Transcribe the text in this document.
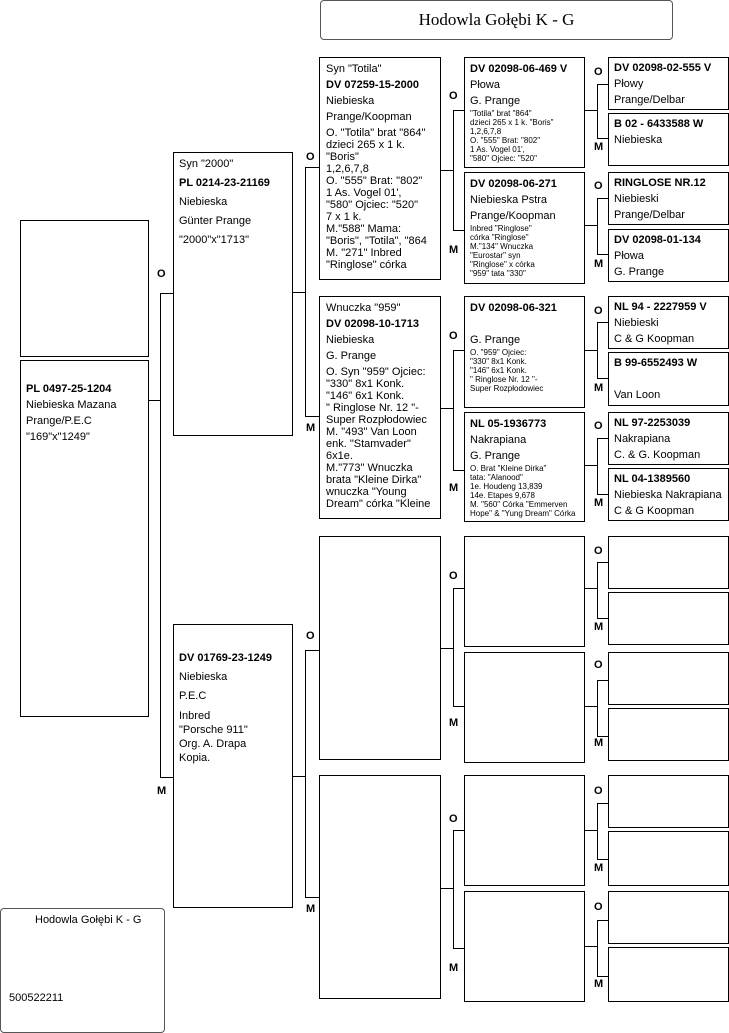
Hodowla Gołębi K - G
PL 0497-25-1204
Niebieska Mazana
Prange/P.E.C
"169"x"1249"
O
M
Syn "2000"
PL 0214-23-21169
Niebieska
Günter Prange
"2000"x"1713"
DV 01769-23-1249
Niebieska
P.E.C
Inbred
"Porsche 911"
Org. A. Drapa
Kopia.
O
M
O
M
Syn "Totila"
DV 07259-15-2000
Niebieska
Prange/Koopman
O. "Totila" brat "864"
dzieci 265 x 1 k. "Boris"
1,2,6,7,8
O. "555" Brat: "802"
1 As. Vogel 01',
"580" Ojciec: "520"
7 x 1 k.
M."588" Mama:
"Boris", "Totila", "864
M. "271" Inbred
"Ringlose" córka
Wnuczka "959"
DV 02098-10-1713
Niebieska
G. Prange
O. Syn "959" Ojciec:
"330" 8x1 Konk.
"146" 6x1 Konk.
" Ringlose Nr. 12 "-
Super Rozpłodowiec
M. "493" Van Loon
enk. "Stamvader"
6x1e.
M."773" Wnuczka
brata "Kleine Dirka"
wnuczka "Young
Dream" córka "Kleine
O
M
O
M
O
M
O
M
DV 02098-06-469 V
Płowa
G. Prange
"Totila" brat "864"
dzieci 265 x 1 k. "Boris"
1,2,6,7,8
O. "555" Brat: "802"
1 As. Vogel 01',
"580" Ojciec: "520"
DV 02098-06-271
Niebieska Pstra
Prange/Koopman
Inbred "Ringlose"
córka "Ringlose"
M."134" Wnuczka
"Eurostar" syn
"Ringlose" x córka
"959" tata "330"
DV 02098-06-321
G. Prange
O. "959" Ojciec:
"330" 8x1 Konk.
"146" 6x1 Konk.
" Ringlose Nr. 12 "-
Super Rozpłodowiec
NL 05-1936773
Nakrapiana
G. Prange
O. Brat "Kleine Dirka"
tata: "Alanood"
1e. Houdeng 13,839
14e. Etapes 9,678
M. "560" Córka "Emmerven
Hope" & "Yung Dream" Córka
O
M
O
M
O
M
O
M
O
M
O
M
O
M
O
M
DV 02098-02-555 V
Płowy
Prange/Delbar
B 02 - 6433588 W
Niebieska
RINGLOSE NR.12
Niebieski
Prange/Delbar
DV 02098-01-134
Płowa
G. Prange
NL 94 - 2227959 V
Niebieski
C & G Koopman
B 99-6552493 W
Van Loon
NL 97-2253039
Nakrapiana
C. & G. Koopman
NL 04-1389560
Niebieska Nakrapiana
C & G Koopman
Hodowla Gołębi K - G
500522211
